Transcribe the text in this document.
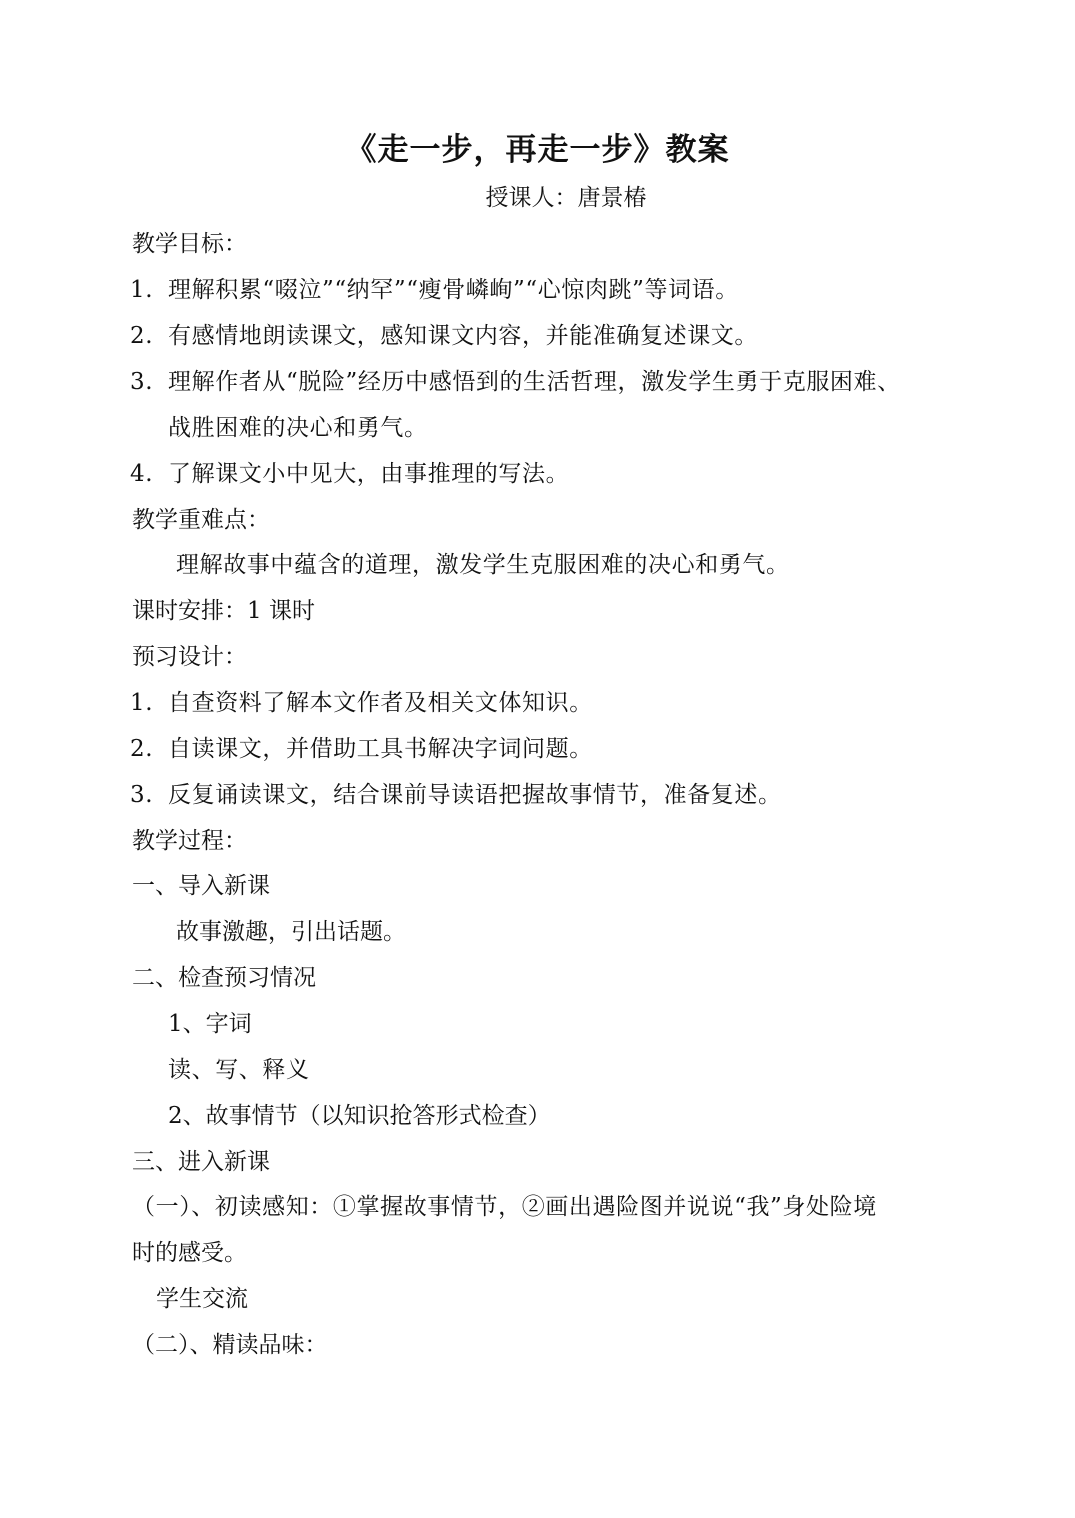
《走一步，再走一步》教案
授课人：唐景椿
教学目标：
1. 理解积累“啜泣”“纳罕”“瘦骨嶙峋”“心惊肉跳”等词语。
2. 有感情地朗读课文，感知课文内容，并能准确复述课文。
3. 理解作者从“脱险”经历中感悟到的生活哲理，激发学生勇于克服困难、
战胜困难的决心和勇气。
4. 了解课文小中见大，由事推理的写法。
教学重难点：
理解故事中蕴含的道理，激发学生克服困难的决心和勇气。
课时安排：1 课时
预习设计：
1. 自查资料了解本文作者及相关文体知识。
2. 自读课文，并借助工具书解决字词问题。
3. 反复诵读课文，结合课前导读语把握故事情节，准备复述。
教学过程：
一、导入新课
故事激趣，引出话题。
二、检查预习情况
1、字词
读、写、释义
2、故事情节（以知识抢答形式检查）
三、进入新课
（一）、初读感知：①掌握故事情节，②画出遇险图并说说“我”身处险境
时的感受。
学生交流
（二）、精读品味：
